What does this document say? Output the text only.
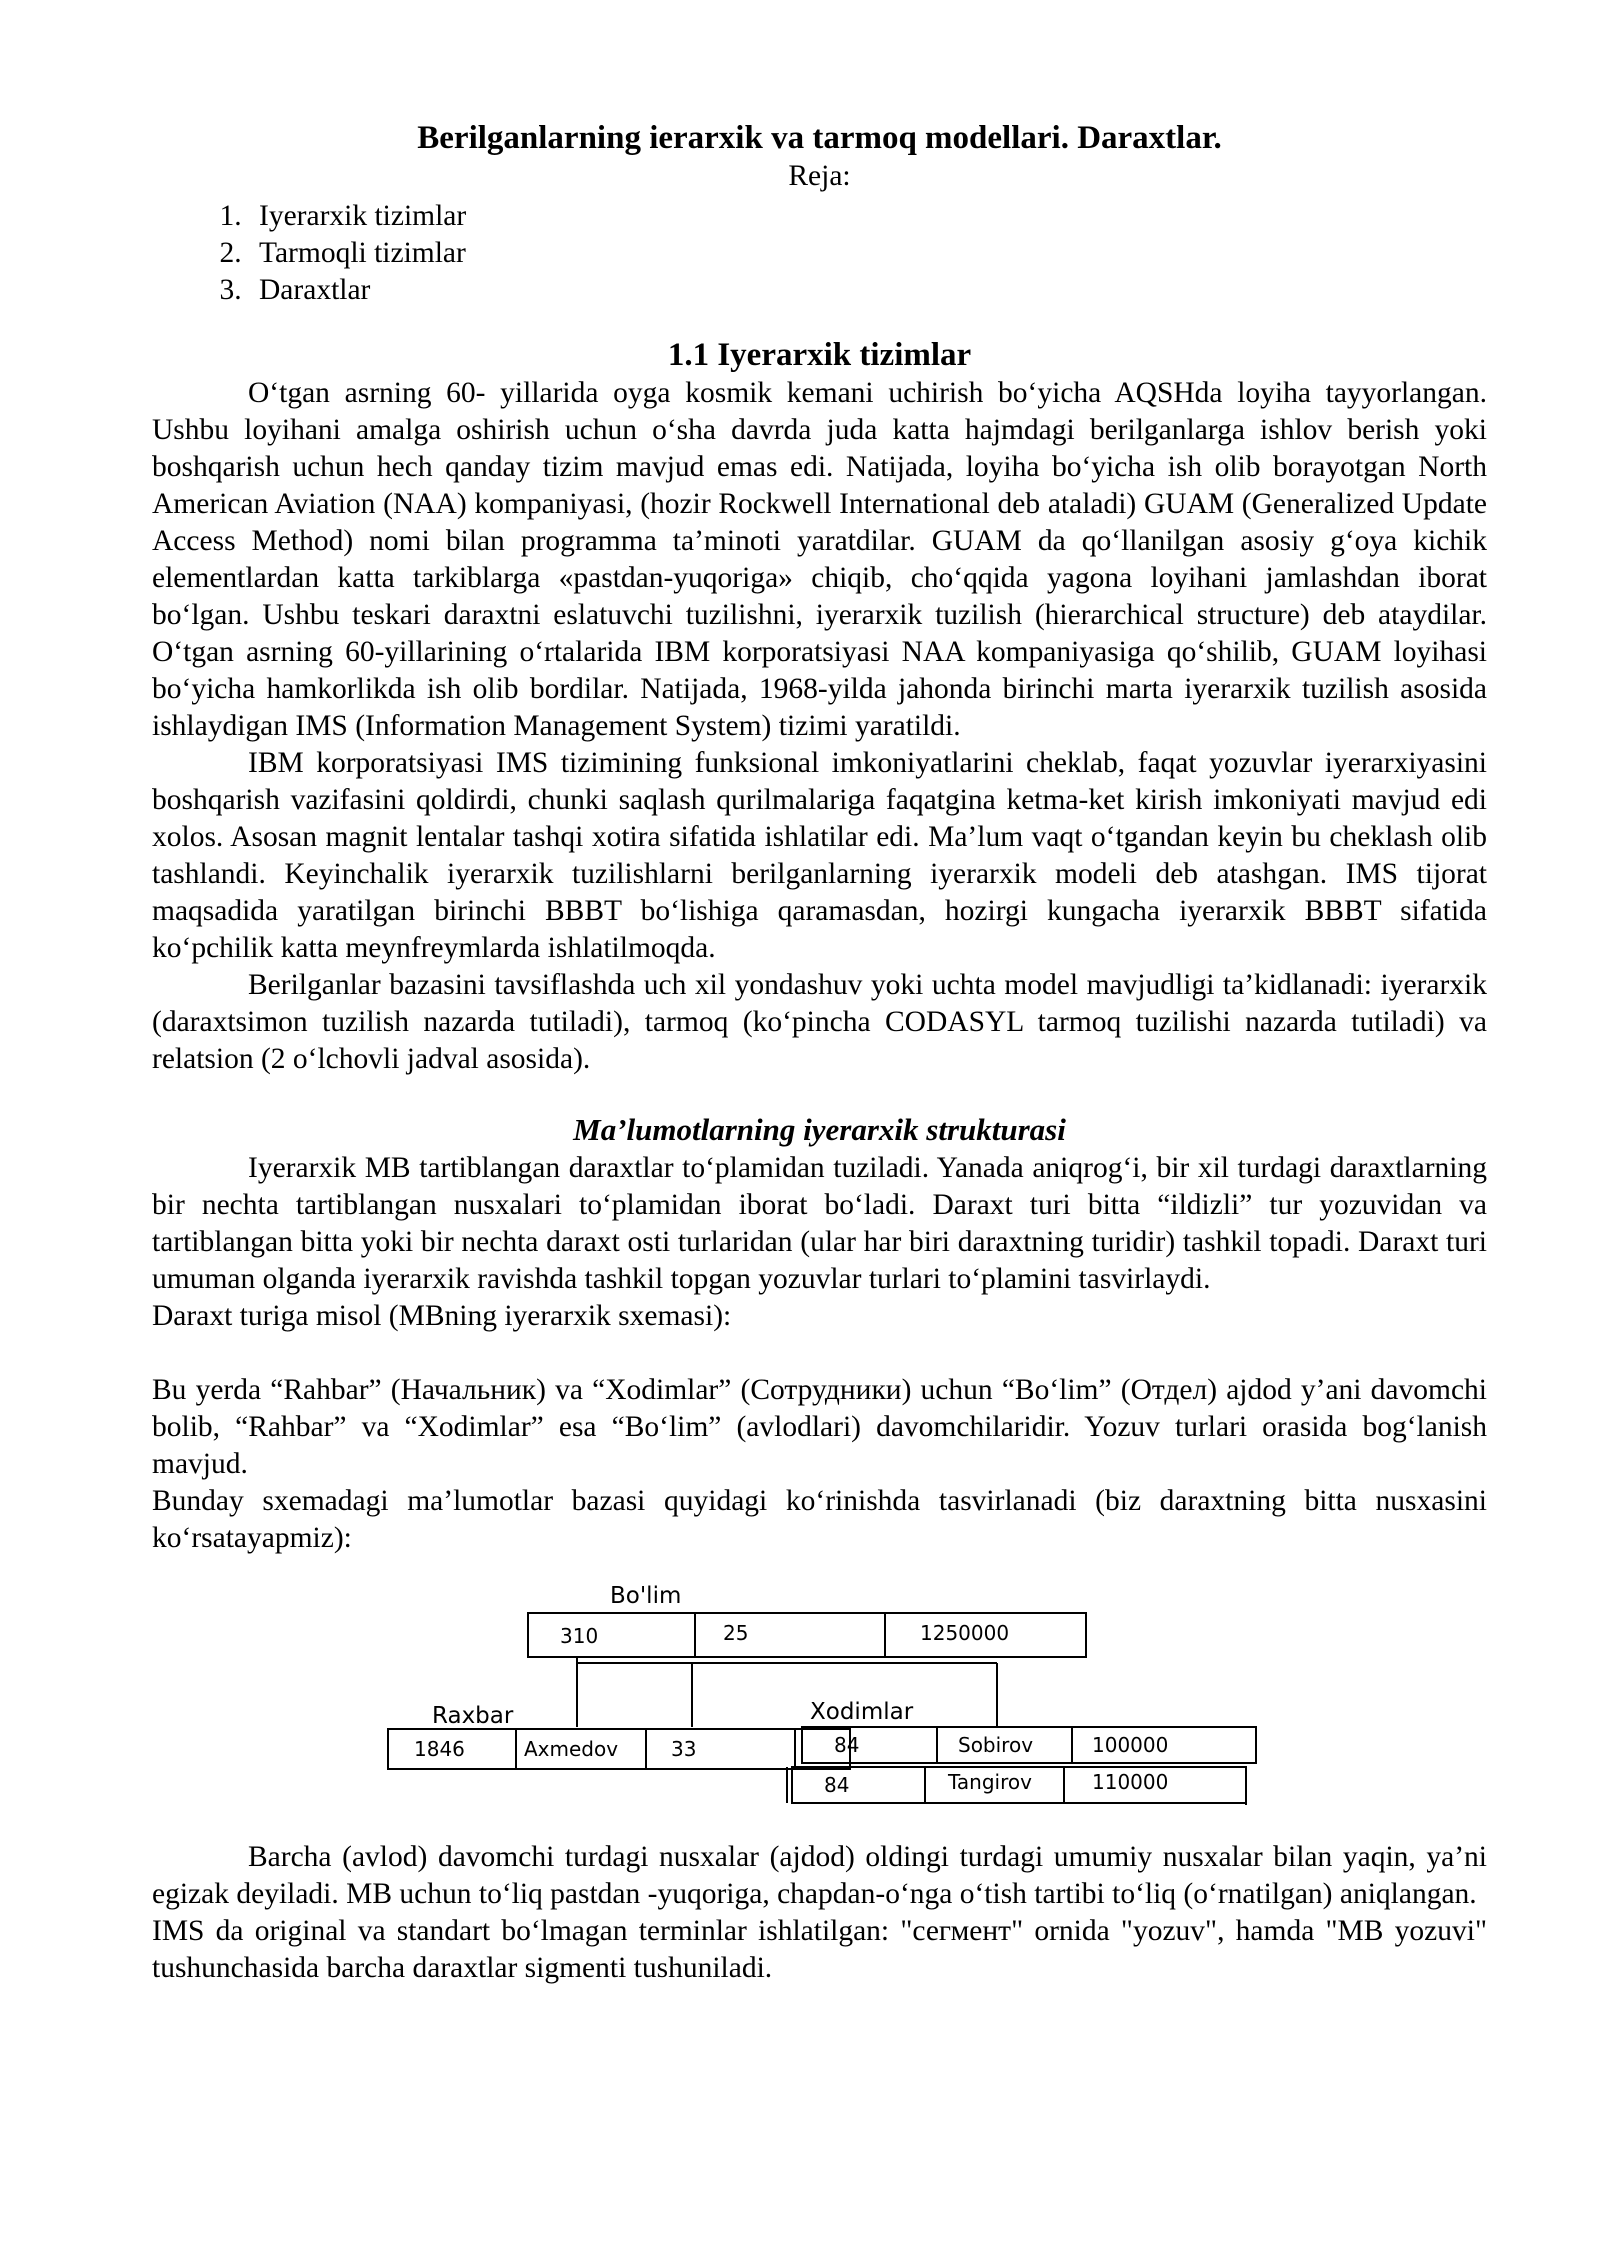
Berilganlarning ierarxik va tarmoq modellari. Daraxtlar.
Reja:
1. Iyerarxik tizimlar
2. Tarmoqli tizimlar
3. Daraxtlar
1.1 Iyerarxik tizimlar

O‘tgan asrning 60- yillarida oyga kosmik kemani uchirish bo‘yicha AQSHda loyiha tayyorlangan. Ushbu loyihani amalga oshirish uchun o‘sha davrda juda katta hajmdagi berilganlarga ishlov berish yoki boshqarish uchun hech qanday tizim mavjud emas edi. Natijada, loyiha bo‘yicha ish olib borayotgan North American Aviation (NAA) kompaniyasi, (hozir Rockwell International deb ataladi) GUAM (Generalized Update Access Method) nomi bilan programma ta’minoti yaratdilar. GUAM da qo‘llanilgan asosiy g‘oya kichik elementlardan katta tarkiblarga «pastdan-yuqoriga» chiqib, cho‘qqida yagona loyihani jamlashdan iborat bo‘lgan. Ushbu teskari daraxtni eslatuvchi tuzilishni, iyerarxik tuzilish (hierarchical structure) deb ataydilar. O‘tgan asrning 60-yillarining o‘rtalarida IBM korporatsiyasi NAA kompaniyasiga qo‘shilib, GUAM loyihasi bo‘yicha hamkorlikda ish olib bordilar. Natijada, 1968-yilda jahonda birinchi marta iyerarxik tuzilish asosida ishlaydigan IMS (Information Management System) tizimi yaratildi.

IBM korporatsiyasi IMS tizimining funksional imkoniyatlarini cheklab, faqat yozuvlar iyerarxiyasini boshqarish vazifasini qoldirdi, chunki saqlash qurilmalariga faqatgina ketma-ket kirish imkoniyati mavjud edi xolos. Asosan magnit lentalar tashqi xotira sifatida ishlatilar edi. Ma’lum vaqt o‘tgandan keyin bu cheklash olib tashlandi. Keyinchalik iyerarxik tuzilishlarni berilganlarning iyerarxik modeli deb atashgan. IMS tijorat maqsadida yaratilgan birinchi BBBT bo‘lishiga qaramasdan, hozirgi kungacha iyerarxik BBBT sifatida ko‘pchilik katta meynfreymlarda ishlatilmoqda.

Berilganlar bazasini tavsiflashda uch xil yondashuv yoki uchta model mavjudligi ta’kidlanadi: iyerarxik (daraxtsimon tuzilish nazarda tutiladi), tarmoq (ko‘pincha CODASYL tarmoq tuzilishi nazarda tutiladi) va relatsion (2 o‘lchovli jadval asosida).

Ma’lumotlarning iyerarxik strukturasi

Iyerarxik MB tartiblangan daraxtlar to‘plamidan tuziladi. Yanada aniqrog‘i, bir xil turdagi daraxtlarning bir nechta tartiblangan nusxalari to‘plamidan iborat bo‘ladi. Daraxt turi bitta “ildizli” tur yozuvidan va tartiblangan bitta yoki bir nechta daraxt osti turlaridan (ular har biri daraxtning turidir) tashkil topadi. Daraxt turi umuman olganda iyerarxik ravishda tashkil topgan yozuvlar turlari to‘plamini tasvirlaydi.

Daraxt turiga misol (MBning iyerarxik sxemasi):

Bu yerda “Rahbar” (Начальник) va “Xodimlar” (Сотрудники) uchun “Bo‘lim” (Отдел) ajdod y’ani davomchi bolib, “Rahbar” va “Xodimlar” esa “Bo‘lim” (avlodlari) davomchilaridir. Yozuv turlari orasida bog‘lanish mavjud.

Bunday sxemadagi ma’lumotlar bazasi quyidagi ko‘rinishda tasvirlanadi (biz daraxtning bitta nusxasini ko‘rsatayapmiz):

Bo'lim
310	25	1250000
Raxbar
1846	Axmedov	33
Xodimlar
84	Sobirov	100000
84	Tangirov	110000

Barcha (avlod) davomchi turdagi nusxalar (ajdod) oldingi turdagi umumiy nusxalar bilan yaqin, ya’ni egizak deyiladi. MB uchun to‘liq pastdan -yuqoriga, chapdan-o‘nga o‘tish tartibi to‘liq (o‘rnatilgan) aniqlangan.

IMS da original va standart bo‘lmagan terminlar ishlatilgan: "сегмент" ornida "yozuv", hamda "MB yozuvi" tushunchasida barcha daraxtlar sigmenti tushuniladi.
